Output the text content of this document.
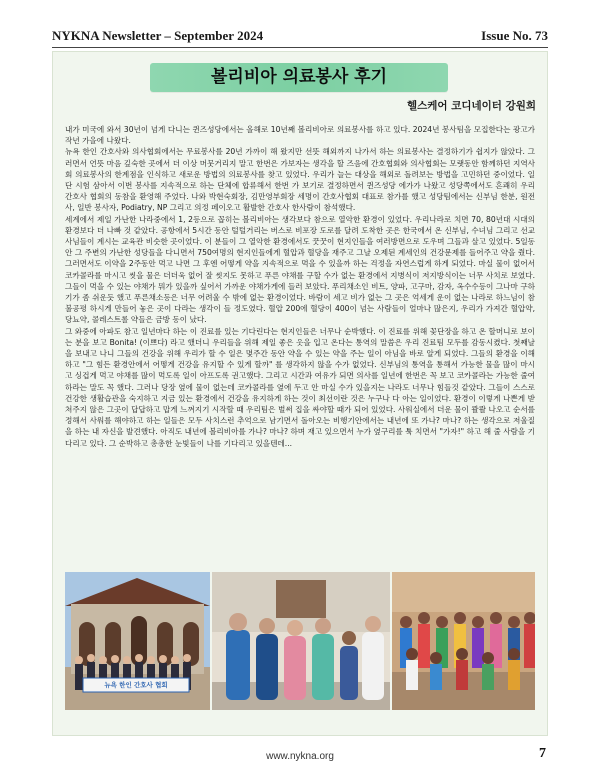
NYKNA Newsletter – September 2024	Issue No. 73
볼리비아 의료봉사 후기
헬스케어 코디네이터 강원희

내가 미국에 와서 30년이 넘게 다니는 퀸즈성당에서는 올해로 10년째 볼리비아로 의료봉사를 하고 있다. 2024년 봉사팀을 모집한다는 광고가 작년 가을에 나왔다.

뉴욕 한인 간호사와 의사협회에서는 무료봉사를 20년 가까이 해 왔지만 선뜻 해외까지 나가서 하는 의료봉사는 결정하기가 쉽지가 않았다. 그러면서 언뜻 마음 깊숙한 곳에서 더 이상 머뭇거리지 말고 한번은 가보자는 생각을 할 즈음에 간호협회와 의사협회는 모랫동안 함께하던 지역사회 의료봉사의 한계점을 인식하고 새로운 방법의 의료봉사를 찾고 있었다. 우리가 늘는 대상을 해외로 돌려보는 방법을 고민하던 중이었다. 일단 시험 삼아서 이번 봉사를 지속적으로 하는 단체에 합류해서 한번 가 보기로 결정하면서 퀸즈성당 에가가 나왔고 성당쪽에서도 흔쾌히 우리 간호사 협회의 동참을 환영해 주었다. 나와 박현숙회장, 김만영부회장 세명이 간호사협회 대표로 참가를 했고 성당팀에서는 신부님 한분, 원전사, 일반 봉사자, Podiatry, NP 그리고 의정 페이오고 활발한 간호사 한사람이 참석했다.

세계에서 제일 가난한 나라중에서 1, 2등으로 꼽히는 볼리비아는 생각보다 참으로 열악한 환경이 있었다. 우리나라로 치면 70, 80년대 시대의 환경보다 더 나빠 것 같았다. 공항에서 5시간 동안 털털거리는 버스로 비포장 도로를 달려 도착한 곳은 한국에서 온 신부님, 수녀님 그리고 선교사님들이 계시는 교육관 비슷한 곳이었다. 이 분들이 그 열악한 환경에서도 꿋꿋이 현지인들을 여러방면으로 도우며 그들과 살고 있었다. 5일동안 그 주변의 가난한 성당들을 다니면서 750여명의 현지인들에게 혈압과 혈당을 재주고 그날 오제된 계세인의 건강문제를 들어주고 약을 줬다. 그러면서도 이약을 2주동안 먹고 나면 그 후엔 어떻게 약을 지속적으로 먹을 수 있을까 하는 걱정을 자연스럽게 하게 되었다. 마실 물이 없어서 코카콜라를 마시고 씻을 물은 더더욱 없어 잘 씻지도 못하고 푸른 야채를 구할 수가 없는 환경에서 지병식이 저지방식이는 너무 사치로 보였다. 그들이 먹을 수 있는 야채가 뭐가 있을까 싶어서 가까운 야채가게에 들러 보았다. 푸리채소인 비트, 양파, 고구마, 감자, 옥수수등이 그나마 구하기가 좀 쉬운듯 했고 푸른채소등은 너무 어려울 수 밖에 없는 환경이었다. 바람이 세고 비가 없는 그 곳은 억세게 운이 없는 나라로 하느님이 참 불공평 하시게 만들어 놓은 곳이 다라는 생각이 들 정도였다. 혈압 200에 혈당이 400이 넘는 사람들이 얼마나 많은지, 우리가 가져간 혈압약, 당뇨약, 콜레스트롤 약들은 금방 동이 났다.

그 와중에 아파도 참고 일년마다 하는 이 진료를 있는 기다린다는 현지인들은 너무나 순박했다. 이 진료를 위해 꽃단장을 하고 온 할머니로 보이는 분을 보고 Bonita! (이쁘다) 라고 했더니 우리들을 위해 제일 좋은 옷을 입고 온다는 통역의 말씀은 우리 진료팀 모두를 감동시켰다. 첫째날을 보내고 나니 그들의 건강을 위해 우리가 할 수 일은 몇주간 동안 약을 수 있는 약을 주는 일이 아님을 바로 알게 되었다. 그들의 환경을 이해하고 "그 힘든 환경안에서 어떻게 건강을 유지할 수 있게 할까" 를 생각하지 않을 수가 없었다. 신부님의 통역을 통해서 가능한 물을 많이 마시고 싱겁게 먹고 야채를 많이 먹도록 일이 아프도록 권고했다. 그리고 시간과 여유가 되면 의사를 일년에 한번은 꼭 보고 코카콜라는 가능한 줄여 하라는 말도 꼭 했다. 그러나 당장 옆에 물이 없는데 코카콜라를 옆에 두고 안 마실 수가 있을지는 나라도 너무나 힘들것 같았다. 그들이 스스로 건강한 생활습관을 숙지하고 지금 있는 환경에서 건강을 유지하게 하는 것이 최선이란 것은 누구나 다 아는 일이었다. 환경이 이렇게 나쁜게 받쳐주지 않은 그곳이 답답하고 맙게 느껴지기 시작할 때 우리팀은 벌써 집을 싸야할 때가 되어 있었다. 사워실에서 더운 물이 콸콸 나오고 순서를 정해서 사워를 해야하고 하는 일들은 모두 사치스런 추억으로 남기면서 돌아오는 비행기안에서는 내년에 또 가나? 마나? 하는 생각으로 저울질을 하는 내 자신을 발견했다. 아직도 내년에 볼리비아를 가나? 마나? 하며 재고 있으면서 누가 옆구리를 툭 치면서 "가자!" 하고 해 줄 사람을 기다리고 있다. 그 순박하고 총총한 눈빛들이 나를 기다리고 있을텐데...

뉴욕 한인 간호사 협회
www.nykna.org	7
